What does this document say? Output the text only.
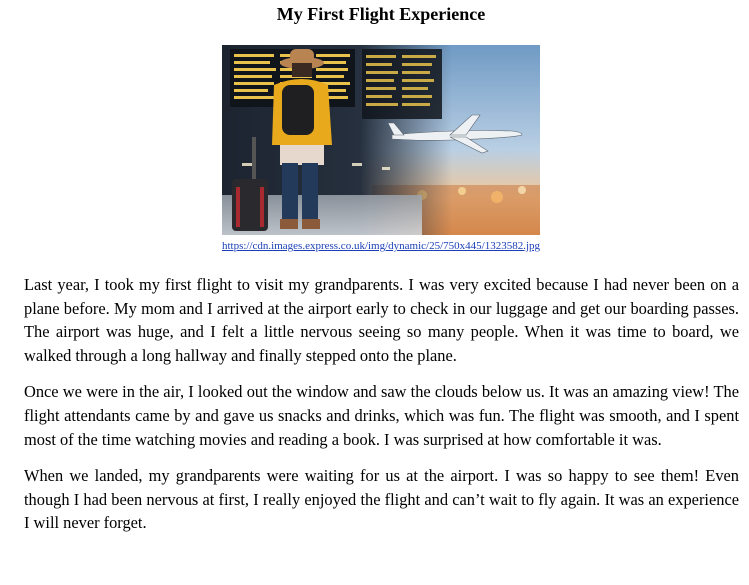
My First Flight Experience
https://cdn.images.express.co.uk/img/dynamic/25/750x445/1323582.jpg

Last year, I took my first flight to visit my grandparents. I was very excited because I had never been on a plane before. My mom and I arrived at the airport early to check in our luggage and get our boarding passes. The airport was huge, and I felt a little nervous seeing so many people. When it was time to board, we walked through a long hallway and finally stepped onto the plane.

Once we were in the air, I looked out the window and saw the clouds below us. It was an amazing view! The flight attendants came by and gave us snacks and drinks, which was fun. The flight was smooth, and I spent most of the time watching movies and reading a book. I was surprised at how comfortable it was.

When we landed, my grandparents were waiting for us at the airport. I was so happy to see them! Even though I had been nervous at first, I really enjoyed the flight and can’t wait to fly again. It was an experience I will never forget.
